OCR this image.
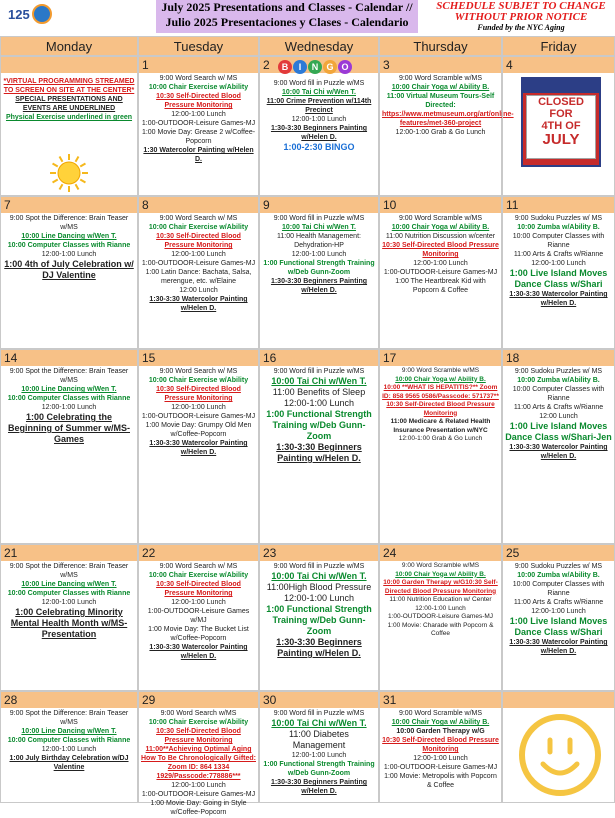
125	July 2025 Presentations and Classes - Calendar //
Julio 2025 Presentaciones y Clases - Calendario
SCHEDULE SUBJET TO CHANGE
WITHOUT PRIOR NOTICE
Funded by the NYC Aging
Monday	Tuesday	Wednesday	Thursday	Friday
*VIRTUAL PROGRAMMING STREAMED TO SCREEN ON SITE AT THE CENTER*
SPECIAL PRESENTATIONS AND EVENTS ARE UNDERLINED
Physical Exercise underlined in green
1
9:00 Word Search w/ MS
10:00 Chair Exercise w/Ability
10:30 Self-Directed Blood Pressure Monitoring
12:00-1:00 Lunch
1:00-OUTDOOR-Leisure Games-MJ
1:00 Movie Day: Grease 2 w/Coffee-Popcorn
1:30 Watercolor Painting w/Helen D.
2
9:00 Word fill in Puzzle w/MS
10:00 Tai Chi w/Wen T.
11:00 Crime Prevention w/114th Precinct
12:00-1:00 Lunch
1:30-3:30 Beginners Painting w/Helen D.
1:00-2:30 BINGO
B I N G O	3
9:00 Word Scramble w/MS
10:00 Chair Yoga w/ Ability B.
11:00 Virtual Museum Tours-Self Directed:
https://www.metmuseum.org/art/online-features/met-360-project
12:00-1:00 Grab & Go Lunch
4
CLOSED
FOR
4TH OF
JULY
7
9:00 Spot the Difference: Brain Teaser w/MS
10:00 Line Dancing w/Wen T.
10:00 Computer Classes with Rianne
12:00-1:00 Lunch
1:00 4th of July Celebration w/ DJ Valentine
8
9:00 Word Search w/ MS
10:00 Chair Exercise w/Ability
10:30 Self-Directed Blood Pressure Monitoring
12:00-1:00 Lunch
1:00-OUTDOOR-Leisure Games-MJ
1:00 Latin Dance: Bachata, Salsa, merengue, etc. w/Elaine
12:00 Lunch
1:30-3:30 Watercolor Painting w/Helen D.
9
9:00 Word fill in Puzzle w/MS
10:00 Tai Chi w/Wen T.
11:00 Health Management: Dehydration-HP
12:00-1:00 Lunch
1:00 Functional Strength Training w/Deb Gunn-Zoom
1:30-3:30 Beginners Painting w/Helen D.
10
9:00 Word Scramble w/MS
10:00 Chair Yoga w/ Ability B.
11:00 Nutrition Discussion w/center
10:30 Self-Directed Blood Pressure Monitoring
12:00-1:00 Lunch
1:00-OUTDOOR-Leisure Games-MJ
1:00 The Heartbreak Kid with Popcorn & Coffee
11
9:00 Sudoku Puzzles w/ MS
10:00 Zumba w/Ability B.
10:00 Computer Classes with Rianne
11:00 Arts & Crafts w/Rianne
12:00-1:00 Lunch
1:00 Live Island Moves Dance Class w/Shari
1:30-3:30 Watercolor Painting w/Helen D.
14
9:00 Spot the Difference: Brain Teaser w/MS
10:00 Line Dancing w/Wen T.
10:00 Computer Classes with Rianne
12:00-1:00 Lunch
1:00 Celebrating the Beginning of Summer w/MS-Games
15
9:00 Word Search w/ MS
10:00 Chair Exercise w/Ability
10:30 Self-Directed Blood Pressure Monitoring
12:00-1:00 Lunch
1:00-OUTDOOR-Leisure Games-MJ
1:00 Movie Day: Grumpy Old Men w/Coffee-Popcorn
1:30-3:30 Watercolor Painting w/Helen D.
16
9:00 Word fill in Puzzle w/MS
10:00 Tai Chi w/Wen T.
11:00 Benefits of Sleep
12:00-1:00 Lunch
1:00 Functional Strength Training w/Deb Gunn-Zoom
1:30-3:30 Beginners Painting w/Helen D.
17
9:00 Word Scramble w/MS
10:00 Chair Yoga w/ Ability B.
10:00 **WHAT IS HEPATITIS?** Zoom ID: 858 9565 0586/Passcode: 571737**
10:30 Self-Directed Blood Pressure Monitoring
11:00 Medicare & Related Health Insurance Presentation w/NYC
12:00-1:00 Grab & Go Lunch
18
9:00 Sudoku Puzzles w/ MS
10:00 Zumba w/Ability B.
10:00 Computer Classes with Rianne
11:00 Arts & Crafts w/Rianne
12:00 Lunch
1:00 Live Island Moves Dance Class w/Shari-Jen
1:30-3:30 Watercolor Painting w/Helen D.
21
9:00 Spot the Difference: Brain Teaser w/MS
10:00 Line Dancing w/Wen T.
10:00 Computer Classes with Rianne
12:00-1:00 Lunch
1:00 Celebrating Minority Mental Health Month w/MS-Presentation
22
9:00 Word Search w/ MS
10:00 Chair Exercise w/Ability
10:30 Self-Directed Blood Pressure Monitoring
12:00-1:00 Lunch
1:00-OUTDOOR-Leisure Games w/MJ
1:00 Movie Day: The Bucket List w/Coffee-Popcorn
1:30-3:30 Watercolor Painting w/Helen D.
23
9:00 Word fill in Puzzle w/MS
10:00 Tai Chi w/Wen T.
11:00High Blood Pressure
12:00-1:00 Lunch
1:00 Functional Strength Training w/Deb Gunn-Zoom
1:30-3:30 Beginners Painting w/Helen D.
24
9:00 Word Scramble w/MS
10:00 Chair Yoga w/ Ability B.
10:00 Garden Therapy w/G10:30 Self-Directed Blood Pressure Monitoring
11:00 Nutrition Education w/ Center
12:00-1:00 Lunch
1:00-OUTDOOR-Leisure Games-MJ
1:00 Movie: Charade with Popcorn & Coffee
25
9:00 Sudoku Puzzles w/ MS
10:00 Zumba w/Ability B.
10:00 Computer Classes with Rianne
11:00 Arts & Crafts w/Rianne
12:00-1:00 Lunch
1:00 Live Island Moves Dance Class w/Shari
1:30-3:30 Watercolor Painting w/Helen D.
28
9:00 Spot the Difference: Brain Teaser w/MS
10:00 Line Dancing w/Wen T.
10:00 Computer Classes with Rianne
12:00-1:00 Lunch
1:00 July Birthday Celebration w/DJ Valentine
29
9:00 Word Search w/MS
10:00 Chair Exercise w/Ability
10:30 Self-Directed Blood Pressure Monitoring
11:00**Achieving Optimal Aging How To Be Chronologically Gifted: Zoom ID: 864 1334 1929/Passcode:778886***
12:00-1:00 Lunch
1:00-OUTDOOR-Leisure Games-MJ
1:00 Movie Day: Going in Style w/Coffee-Popcorn
30
9:00 Word fill in Puzzle w/MS
10:00 Tai Chi w/Wen T.
11:00 Diabetes Management
12:00-1:00 Lunch
1:00 Functional Strength Training w/Deb Gunn-Zoom
1:30-3:30 Beginners Painting w/Helen D.
31
9:00 Word Scramble w/MS
10:00 Chair Yoga w/ Ability B.
10:00 Garden Therapy w/G
10:30 Self-Directed Blood Pressure Monitoring
12:00-1:00 Lunch
1:00-OUTDOOR-Leisure Games-MJ
1:00 Movie: Metropolis with Popcorn & Coffee
